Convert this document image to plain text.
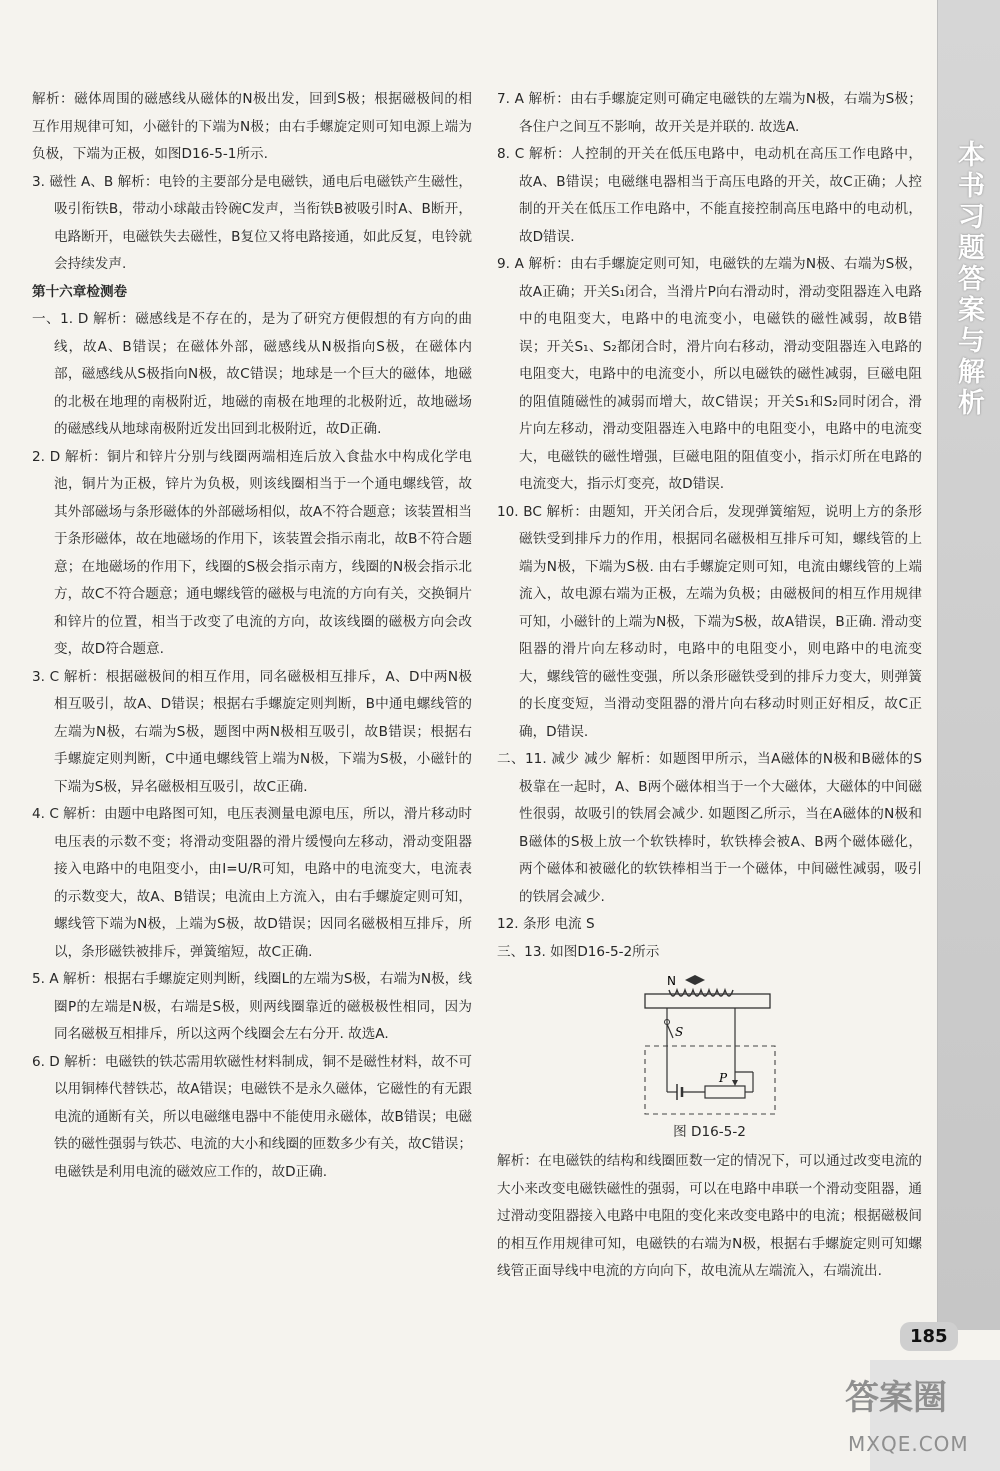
本书习题答案与解析

解析：磁体周围的磁感线从磁体的N极出发，回到S极；根据磁极间的相互作用规律可知，小磁针的下端为N极；由右手螺旋定则可知电源上端为负极，下端为正极，如图D16-5-1所示.

3. 磁性 A、B 解析：电铃的主要部分是电磁铁，通电后电磁铁产生磁性，吸引衔铁B，带动小球敲击铃碗C发声，当衔铁B被吸引时A、B断开，电路断开，电磁铁失去磁性，B复位又将电路接通，如此反复，电铃就会持续发声.

第十六章检测卷

一、1. D 解析：磁感线是不存在的，是为了研究方便假想的有方向的曲线，故A、B错误；在磁体外部，磁感线从N极指向S极，在磁体内部，磁感线从S极指向N极，故C错误；地球是一个巨大的磁体，地磁的北极在地理的南极附近，地磁的南极在地理的北极附近，故地磁场的磁感线从地球南极附近发出回到北极附近，故D正确.

2. D 解析：铜片和锌片分别与线圈两端相连后放入食盐水中构成化学电池，铜片为正极，锌片为负极，则该线圈相当于一个通电螺线管，故其外部磁场与条形磁体的外部磁场相似，故A不符合题意；该装置相当于条形磁体，故在地磁场的作用下，该装置会指示南北，故B不符合题意；在地磁场的作用下，线圈的S极会指示南方，线圈的N极会指示北方，故C不符合题意；通电螺线管的磁极与电流的方向有关，交换铜片和锌片的位置，相当于改变了电流的方向，故该线圈的磁极方向会改变，故D符合题意.

3. C 解析：根据磁极间的相互作用，同名磁极相互排斥，A、D中两N极相互吸引，故A、D错误；根据右手螺旋定则判断，B中通电螺线管的左端为N极，右端为S极，题图中两N极相互吸引，故B错误；根据右手螺旋定则判断，C中通电螺线管上端为N极，下端为S极，小磁针的下端为S极，异名磁极相互吸引，故C正确.

4. C 解析：由题中电路图可知，电压表测量电源电压，所以，滑片移动时电压表的示数不变；将滑动变阻器的滑片缓慢向左移动，滑动变阻器接入电路中的电阻变小，由I=U/R可知，电路中的电流变大，电流表的示数变大，故A、B错误；电流由上方流入，由右手螺旋定则可知，螺线管下端为N极，上端为S极，故D错误；因同名磁极相互排斥，所以，条形磁铁被排斥，弹簧缩短，故C正确.

5. A 解析：根据右手螺旋定则判断，线圈L的左端为S极，右端为N极，线圈P的左端是N极，右端是S极，则两线圈靠近的磁极极性相同，因为同名磁极互相排斥，所以这两个线圈会左右分开. 故选A.

6. D 解析：电磁铁的铁芯需用软磁性材料制成，铜不是磁性材料，故不可以用铜棒代替铁芯，故A错误；电磁铁不是永久磁体，它磁性的有无跟电流的通断有关，所以电磁继电器中不能使用永磁体，故B错误；电磁铁的磁性强弱与铁芯、电流的大小和线圈的匝数多少有关，故C错误；电磁铁是利用电流的磁效应工作的，故D正确.

7. A 解析：由右手螺旋定则可确定电磁铁的左端为N极，右端为S极；各住户之间互不影响，故开关是并联的. 故选A.

8. C 解析：人控制的开关在低压电路中，电动机在高压工作电路中，故A、B错误；电磁继电器相当于高压电路的开关，故C正确；人控制的开关在低压工作电路中，不能直接控制高压电路中的电动机，故D错误.

9. A 解析：由右手螺旋定则可知，电磁铁的左端为N极、右端为S极，故A正确；开关S₁闭合，当滑片P向右滑动时，滑动变阻器连入电路中的电阻变大，电路中的电流变小，电磁铁的磁性减弱，故B错误；开关S₁、S₂都闭合时，滑片向右移动，滑动变阻器连入电路的电阻变大，电路中的电流变小，所以电磁铁的磁性减弱，巨磁电阻的阻值随磁性的减弱而增大，故C错误；开关S₁和S₂同时闭合，滑片向左移动，滑动变阻器连入电路中的电阻变小，电路中的电流变大，电磁铁的磁性增强，巨磁电阻的阻值变小，指示灯所在电路的电流变大，指示灯变亮，故D错误.

10. BC 解析：由题知，开关闭合后，发现弹簧缩短，说明上方的条形磁铁受到排斥力的作用，根据同名磁极相互排斥可知，螺线管的上端为N极，下端为S极. 由右手螺旋定则可知，电流由螺线管的上端流入，故电源右端为正极，左端为负极；由磁极间的相互作用规律可知，小磁针的上端为N极，下端为S极，故A错误，B正确. 滑动变阻器的滑片向左移动时，电路中的电阻变小，则电路中的电流变大，螺线管的磁性变强，所以条形磁铁受到的排斥力变大，则弹簧的长度变短，当滑动变阻器的滑片向右移动时则正好相反，故C正确，D错误.

二、11. 减少 减少 解析：如题图甲所示，当A磁体的N极和B磁体的S极靠在一起时，A、B两个磁体相当于一个大磁体，大磁体的中间磁性很弱，故吸引的铁屑会减少. 如题图乙所示，当在A磁体的N极和B磁体的S极上放一个软铁棒时，软铁棒会被A、B两个磁体磁化，两个磁体和被磁化的软铁棒相当于一个磁体，中间磁性减弱，吸引的铁屑会减少.

12. 条形 电流 S

三、13. 如图D16-5-2所示

N
S
P

图 D16-5-2

解析：在电磁铁的结构和线圈匝数一定的情况下，可以通过改变电流的大小来改变电磁铁磁性的强弱，可以在电路中串联一个滑动变阻器，通过滑动变阻器接入电路中电阻的变化来改变电路中的电流；根据磁极间的相互作用规律可知，电磁铁的右端为N极，根据右手螺旋定则可知螺线管正面导线中电流的方向向下，故电流从左端流入，右端流出.

185
答案圈
MXQE.COM
